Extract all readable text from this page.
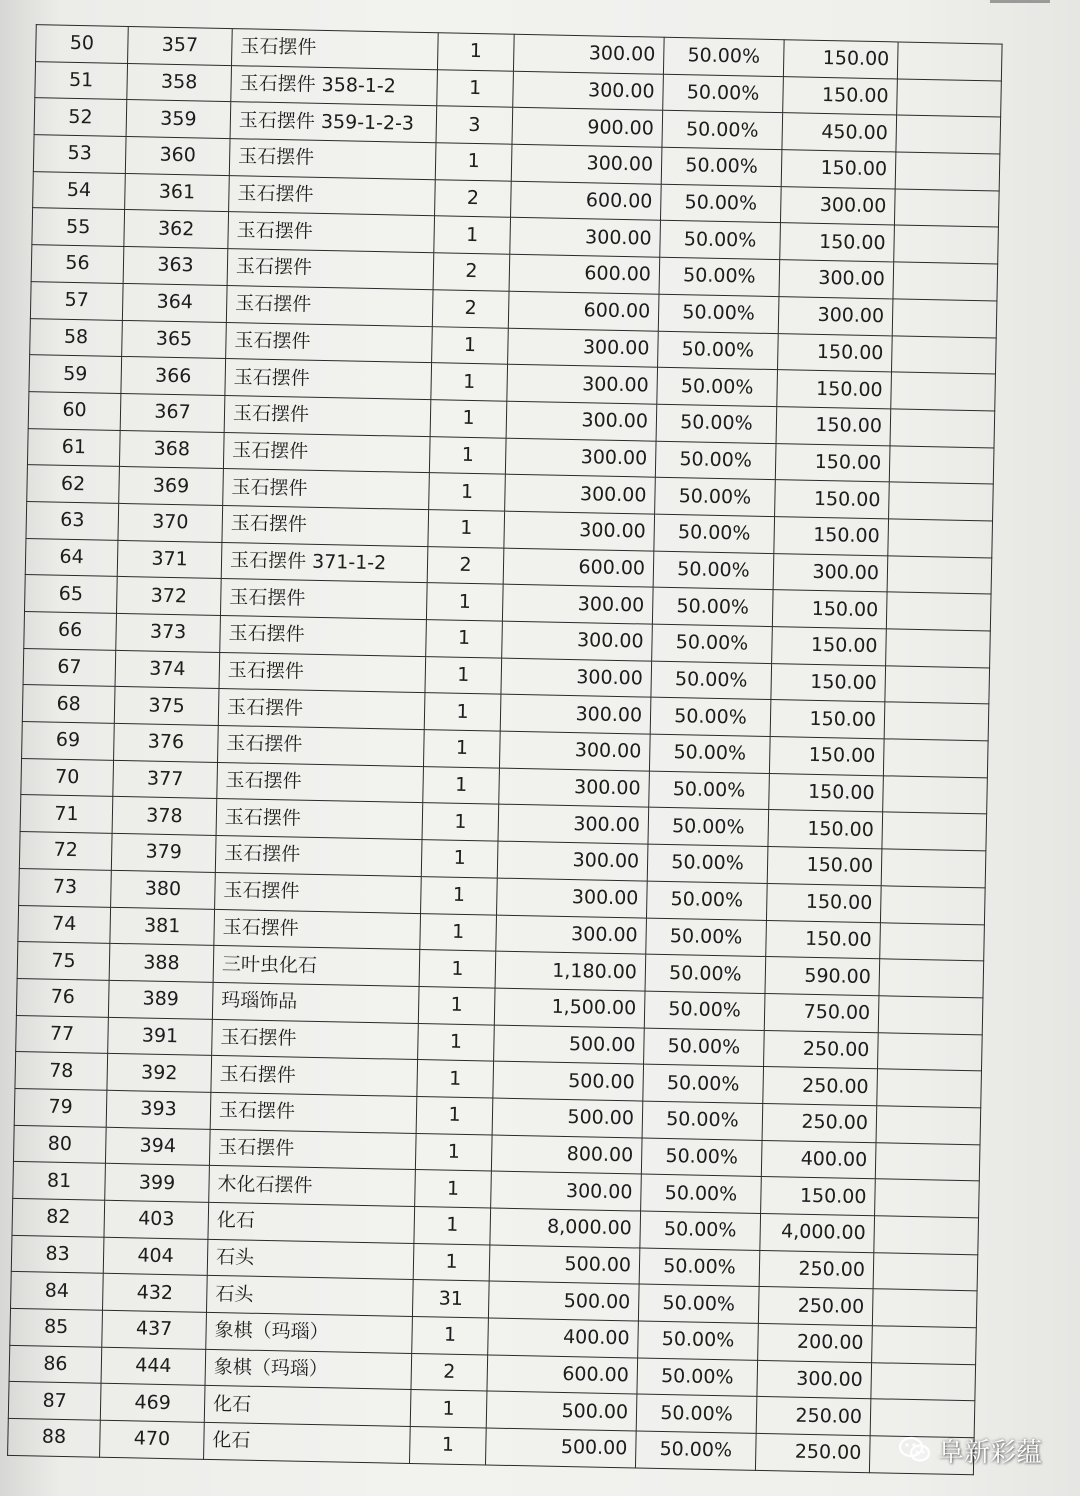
50	357	玉石摆件	1	300.00	50.00%	150.00	
51	358	玉石摆件 358-1-2	1	300.00	50.00%	150.00	
52	359	玉石摆件 359-1-2-3	3	900.00	50.00%	450.00	
53	360	玉石摆件	1	300.00	50.00%	150.00	
54	361	玉石摆件	2	600.00	50.00%	300.00	
55	362	玉石摆件	1	300.00	50.00%	150.00	
56	363	玉石摆件	2	600.00	50.00%	300.00	
57	364	玉石摆件	2	600.00	50.00%	300.00	
58	365	玉石摆件	1	300.00	50.00%	150.00	
59	366	玉石摆件	1	300.00	50.00%	150.00	
60	367	玉石摆件	1	300.00	50.00%	150.00	
61	368	玉石摆件	1	300.00	50.00%	150.00	
62	369	玉石摆件	1	300.00	50.00%	150.00	
63	370	玉石摆件	1	300.00	50.00%	150.00	
64	371	玉石摆件 371-1-2	2	600.00	50.00%	300.00	
65	372	玉石摆件	1	300.00	50.00%	150.00	
66	373	玉石摆件	1	300.00	50.00%	150.00	
67	374	玉石摆件	1	300.00	50.00%	150.00	
68	375	玉石摆件	1	300.00	50.00%	150.00	
69	376	玉石摆件	1	300.00	50.00%	150.00	
70	377	玉石摆件	1	300.00	50.00%	150.00	
71	378	玉石摆件	1	300.00	50.00%	150.00	
72	379	玉石摆件	1	300.00	50.00%	150.00	
73	380	玉石摆件	1	300.00	50.00%	150.00	
74	381	玉石摆件	1	300.00	50.00%	150.00	
75	388	三叶虫化石	1	1,180.00	50.00%	590.00	
76	389	玛瑙饰品	1	1,500.00	50.00%	750.00	
77	391	玉石摆件	1	500.00	50.00%	250.00	
78	392	玉石摆件	1	500.00	50.00%	250.00	
79	393	玉石摆件	1	500.00	50.00%	250.00	
80	394	玉石摆件	1	800.00	50.00%	400.00	
81	399	木化石摆件	1	300.00	50.00%	150.00	
82	403	化石	1	8,000.00	50.00%	4,000.00	
83	404	石头	1	500.00	50.00%	250.00	
84	432	石头	31	500.00	50.00%	250.00	
85	437	象棋（玛瑙）	1	400.00	50.00%	200.00	
86	444	象棋（玛瑙）	2	600.00	50.00%	300.00	
87	469	化石	1	500.00	50.00%	250.00	
88	470	化石	1	500.00	50.00%	250.00		阜新彩蕴
